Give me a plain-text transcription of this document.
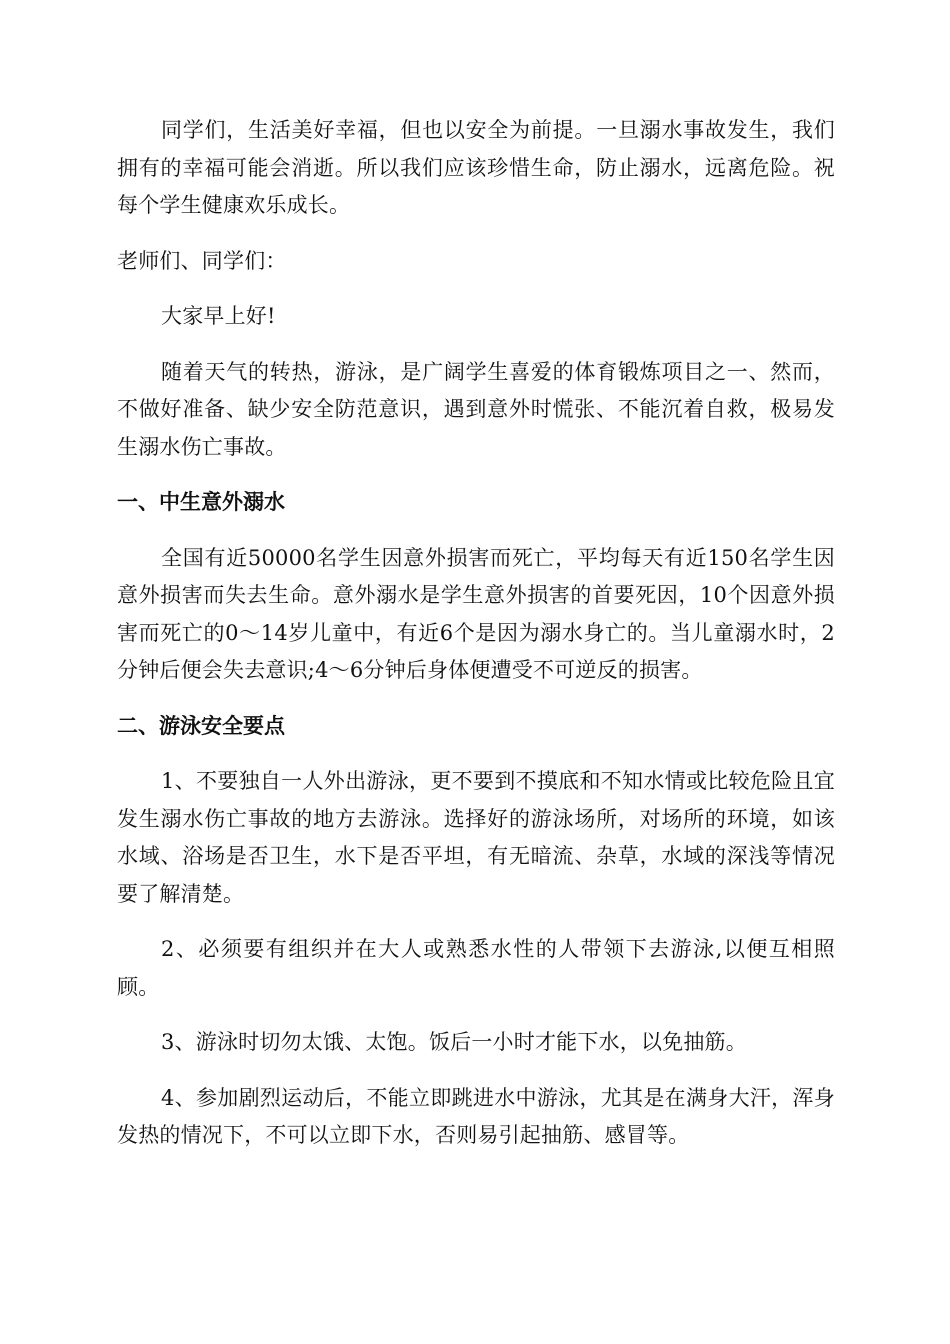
同学们，生活美好幸福，但也以安全为前提。一旦溺水事故发生，我们拥有的幸福可能会消逝。所以我们应该珍惜生命，防止溺水，远离危险。祝每个学生健康欢乐成长。

老师们、同学们：

大家早上好!

随着天气的转热，游泳，是广阔学生喜爱的体育锻炼项目之一、然而，不做好准备、缺少安全防范意识，遇到意外时慌张、不能沉着自救，极易发生溺水伤亡事故。

一、中生意外溺水

全国有近50000名学生因意外损害而死亡，平均每天有近150名学生因意外损害而失去生命。意外溺水是学生意外损害的首要死因，10个因意外损害而死亡的0～14岁儿童中，有近6个是因为溺水身亡的。当儿童溺水时，2分钟后便会失去意识;4～6分钟后身体便遭受不可逆反的损害。

二、游泳安全要点

1、不要独自一人外出游泳，更不要到不摸底和不知水情或比较危险且宜发生溺水伤亡事故的地方去游泳。选择好的游泳场所，对场所的环境，如该水域、浴场是否卫生，水下是否平坦，有无暗流、杂草，水域的深浅等情况要了解清楚。

2、必须要有组织并在大人或熟悉水性的人带领下去游泳,以便互相照顾。

3、游泳时切勿太饿、太饱。饭后一小时才能下水，以免抽筋。

4、参加剧烈运动后，不能立即跳进水中游泳，尤其是在满身大汗，浑身发热的情况下，不可以立即下水，否则易引起抽筋、感冒等。
